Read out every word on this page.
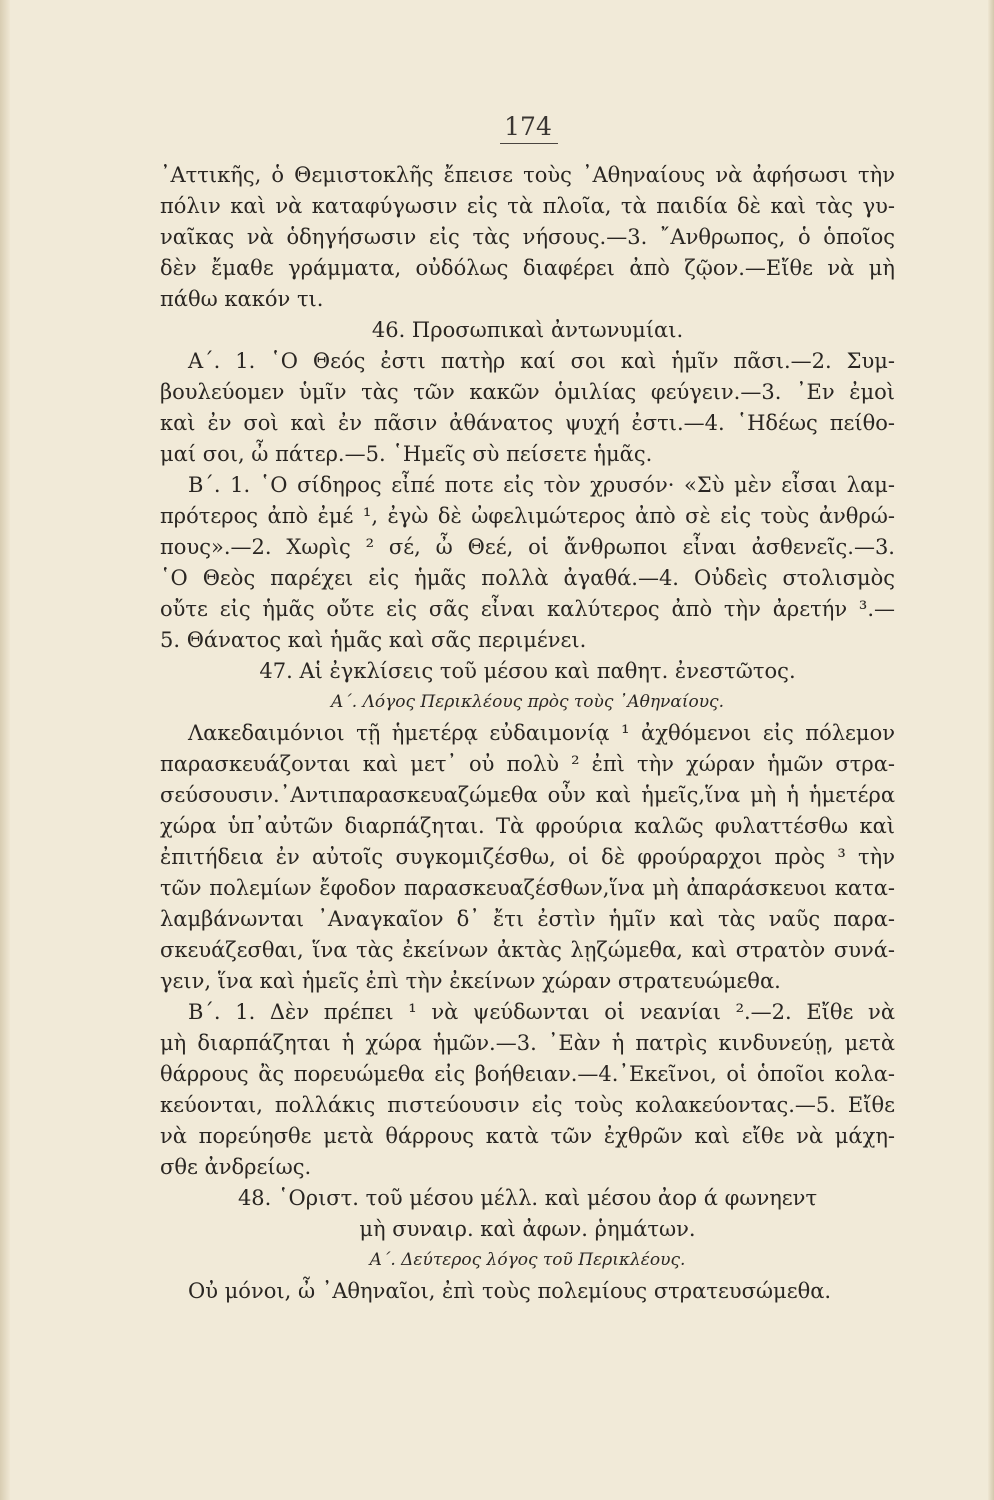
174
᾿Αττικῆς, ὁ Θεμιστοκλῆς ἔπεισε τοὺς ᾿Αθηναίους νὰ ἀφήσωσι τὴν
πόλιν καὶ νὰ καταφύγωσιν εἰς τὰ πλοῖα, τὰ παιδία δὲ καὶ τὰς γυ-
ναῖκας νὰ ὁδηγήσωσιν εἰς τὰς νήσους.—3. ῎Ανθρωπος, ὁ ὁποῖος
δὲν ἔμαθε γράμματα, οὐδόλως διαφέρει ἀπὸ ζῷον.—Εἴθε νὰ μὴ
πάθω κακόν τι.
46. Προσωπικαὶ ἀντωνυμίαι.
Α΄. 1. ῾Ο Θεός ἐστι πατὴρ καί σοι καὶ ἡμῖν πᾶσι.—2. Συμ-
βουλεύομεν ὑμῖν τὰς τῶν κακῶν ὁμιλίας φεύγειν.—3. ᾿Εν ἐμοὶ
καὶ ἐν σοὶ καὶ ἐν πᾶσιν ἀθάνατος ψυχή ἐστι.—4. ῾Ηδέως πείθο-
μαί σοι, ὦ πάτερ.—5. ῾Ημεῖς σὺ πείσετε ἡμᾶς.
Β΄. 1. ῾Ο σίδηρος εἶπέ ποτε εἰς τὸν χρυσόν· «Σὺ μὲν εἶσαι λαμ-
πρότερος ἀπὸ ἐμέ ¹, ἐγὼ δὲ ὠφελιμώτερος ἀπὸ σὲ εἰς τοὺς ἀνθρώ-
πους».—2. Χωρὶς ² σέ, ὦ Θεέ, οἱ ἄνθρωποι εἶναι ἀσθενεῖς.—3.
῾Ο Θεὸς παρέχει εἰς ἡμᾶς πολλὰ ἀγαθά.—4. Οὐδεὶς στολισμὸς
οὔτε εἰς ἡμᾶς οὔτε εἰς σᾶς εἶναι καλύτερος ἀπὸ τὴν ἀρετήν ³.—
5. Θάνατος καὶ ἡμᾶς καὶ σᾶς περιμένει.
47. Αἱ ἐγκλίσεις τοῦ μέσου καὶ παθητ. ἐνεστῶτος.
Α΄. Λόγος Περικλέους πρὸς τοὺς ᾿Αθηναίους.
Λακεδαιμόνιοι τῇ ἡμετέρᾳ εὐδαιμονίᾳ ¹ ἀχθόμενοι εἰς πόλεμον
παρασκευάζονται καὶ μετ᾿ οὐ πολὺ ² ἐπὶ τὴν χώραν ἡμῶν στρα-
σεύσουσιν.᾿Αντιπαρασκευαζώμεθα οὖν καὶ ἡμεῖς,ἵνα μὴ ἡ ἡμετέρα
χώρα ὑπ᾿αὐτῶν διαρπάζηται. Τὰ φρούρια καλῶς φυλαττέσθω καὶ
ἐπιτήδεια ἐν αὐτοῖς συγκομιζέσθω, οἱ δὲ φρούραρχοι πρὸς ³ τὴν
τῶν πολεμίων ἔφοδον παρασκευαζέσθων,ἵνα μὴ ἀπαράσκευοι κατα-
λαμβάνωνται ᾿Αναγκαῖον δ᾿ ἔτι ἐστὶν ἡμῖν καὶ τὰς ναῦς παρα-
σκευάζεσθαι, ἵνα τὰς ἐκείνων ἀκτὰς λῃζώμεθα, καὶ στρατὸν συνά-
γειν, ἵνα καὶ ἡμεῖς ἐπὶ τὴν ἐκείνων χώραν στρατευώμεθα.
Β΄. 1. Δὲν πρέπει ¹ νὰ ψεύδωνται οἱ νεανίαι ².—2. Εἴθε νὰ
μὴ διαρπάζηται ἡ χώρα ἡμῶν.—3. ᾿Εὰν ἡ πατρὶς κινδυνεύῃ, μετὰ
θάρρους ἂς πορευώμεθα εἰς βοήθειαν.—4.᾿Εκεῖνοι, οἱ ὁποῖοι κολα-
κεύονται, πολλάκις πιστεύουσιν εἰς τοὺς κολακεύοντας.—5. Εἴθε
νὰ πορεύησθε μετὰ θάρρους κατὰ τῶν ἐχθρῶν καὶ εἴθε νὰ μάχη-
σθε ἀνδρείως.
48. ῾Οριστ. τοῦ μέσου μέλλ. καὶ μέσου ἀορ ά φωνηεντ
μὴ συναιρ. καὶ ἀφων. ῥημάτων.
Α΄. Δεύτερος λόγος τοῦ Περικλέους.
Οὐ μόνοι, ὦ ᾿Αθηναῖοι, ἐπὶ τοὺς πολεμίους στρατευσώμεθα.
